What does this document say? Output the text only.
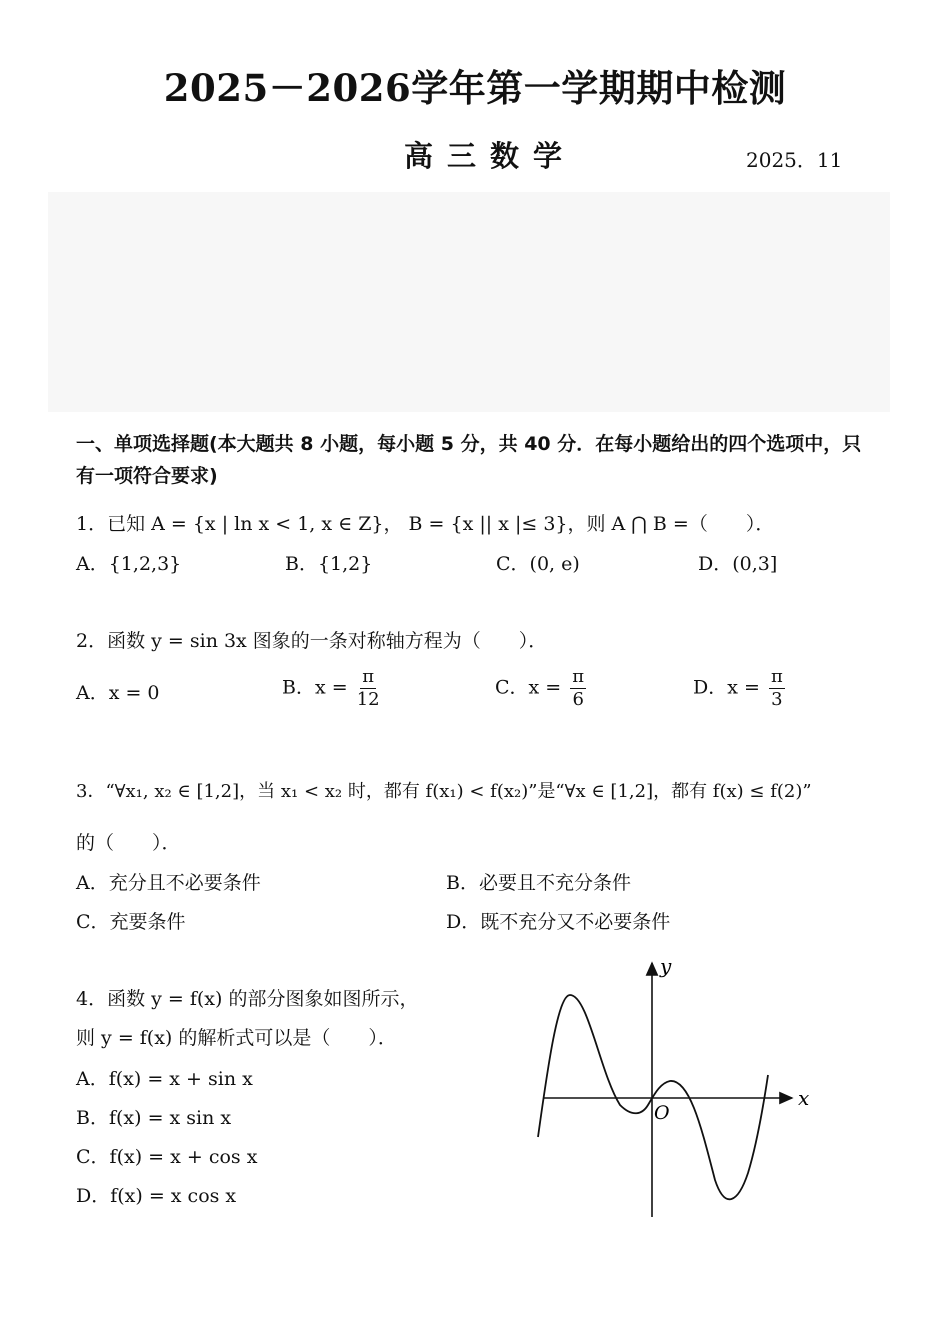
2025－2026学年第一学期期中检测
高三数学	2025．11
一、单项选择题(本大题共 8 小题，每小题 5 分，共 40 分．在每小题给出的四个选项中，只有一项符合要求)
1．已知 A = {x | ln x < 1, x ∈ Z}， B = {x || x |≤ 3}，则 A ⋂ B =（　　）．
A．{1,2,3}	B．{1,2}	C．(0, e)	D．(0,3]
2．函数 y = sin 3x 图象的一条对称轴方程为（　　）．
A．x = 0	B．$x = \frac{\pi}{12}$	C．$x = \frac{\pi}{6}$	D．$x = \frac{\pi}{3}$
3．“∀x₁, x₂ ∈ [1,2]，当 x₁ < x₂ 时，都有 f(x₁) < f(x₂)”是“∀x ∈ [1,2]，都有 f(x) ≤ f(2)”
的（　　）．
A．充分且不必要条件	B．必要且不充分条件
C．充要条件	D．既不充分又不必要条件
4．函数 y = f(x) 的部分图象如图所示，
则 y = f(x) 的解析式可以是（　　）．
A．f(x) = x + sin x
B．f(x) = x sin x
C．f(x) = x + cos x
D．f(x) = x cos x
x
y
O
